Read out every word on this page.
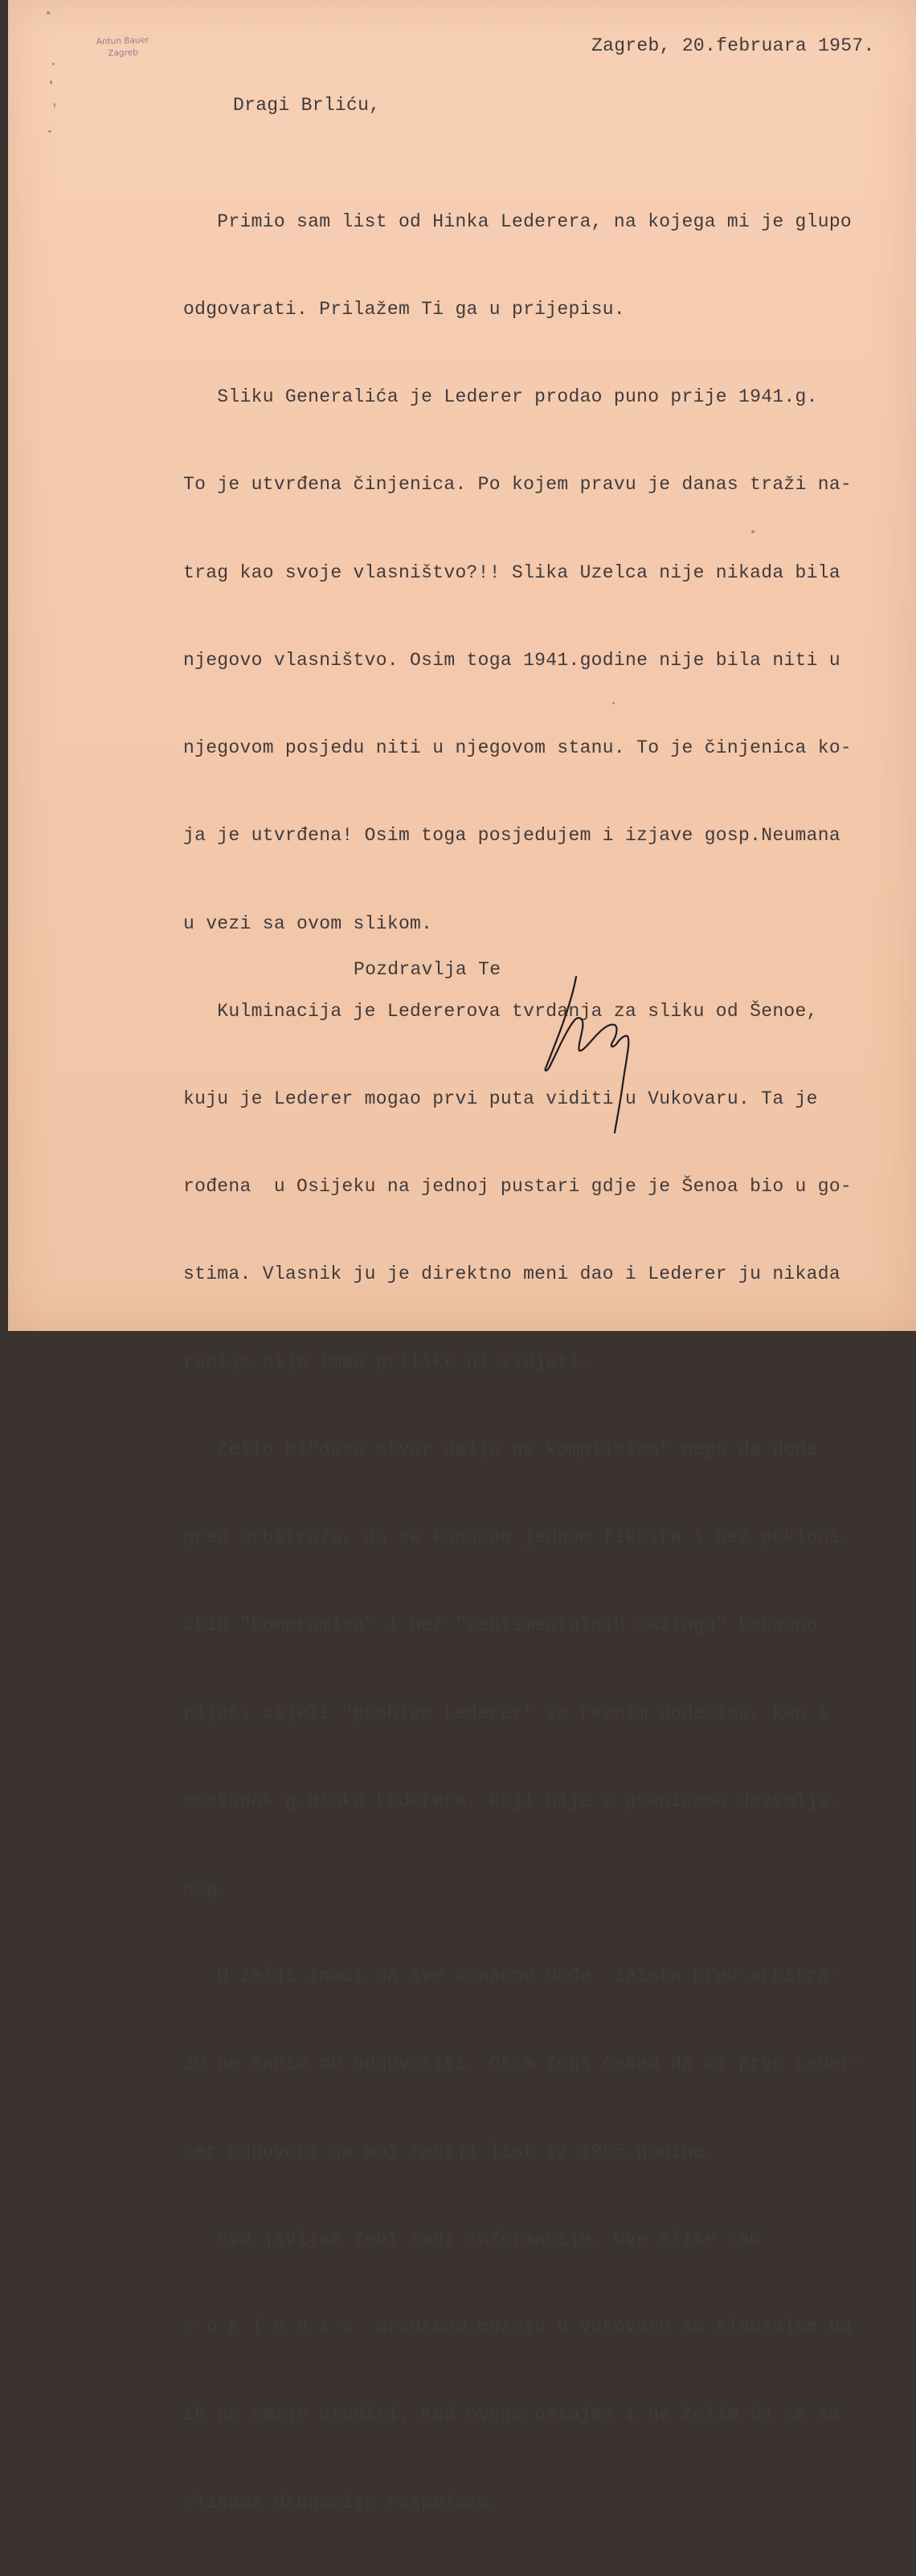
Antun Bauer
Zagreb	Zagreb, 20.februara 1957.
Dragi Brliću,

Primio sam list od Hinka Lederera, na kojega mi je glupo

odgovarati. Prilažem Ti ga u prijepisu.

Sliku Generalića je Lederer prodao puno prije 1941.g.

To je utvrđena činjenica. Po kojem pravu je danas traži na-

trag kao svoje vlasništvo?!! Slika Uzelca nije nikada bila

njegovo vlasništvo. Osim toga 1941.godine nije bila niti u

njegovom posjedu niti u njegovom stanu. To je činjenica ko-

ja je utvrđena! Osim toga posjedujem i izjave gosp.Neumana

u vezi sa ovom slikom.

Kulminacija je Ledererova tvrdanja za sliku od Šenoe,

kuju je Lederer mogao prvi puta viditi u Vukovaru. Ta je

rođena  u Osijeku na jednoj pustari gdje je Šenoa bio u go-

stima. Vlasnik ju je direktno meni dao i Lederer ju nikada

ranije nije imao prilike ni vidjeti.

Želio bi"dase stvar dalje ne komplicira" nego da dođe

pred arbitražu, da se konačno jednom fiksira i bez pokloni-

čkih "kompromisa" i bez "sentimentalnih razloga" konačno

riješi cijeli "problem Lederer" sa raznim dodacima, kao i

postupak g.Hinka Lederera, koji nije u granicama dozvolje-

nog.

U želji inadi da sve konačno dođe  zaista pred arbitra-

žu ne kanim mu odgovoriti. Osim toga čekam da mi prvo Leder-

rer odgovori na moj raniji list iz 1955.godine.

Ovo javljam Tebi radi informacije. Ove slike sam

p o k l o n i o  Gradskom muzeju u Vukovaru sa klauzulom da

ih ne smije otuđiti. Kod ovoga ostajem i ne želim da se sa

slikama drugačije raspolaže.

Pozdravlja Te
